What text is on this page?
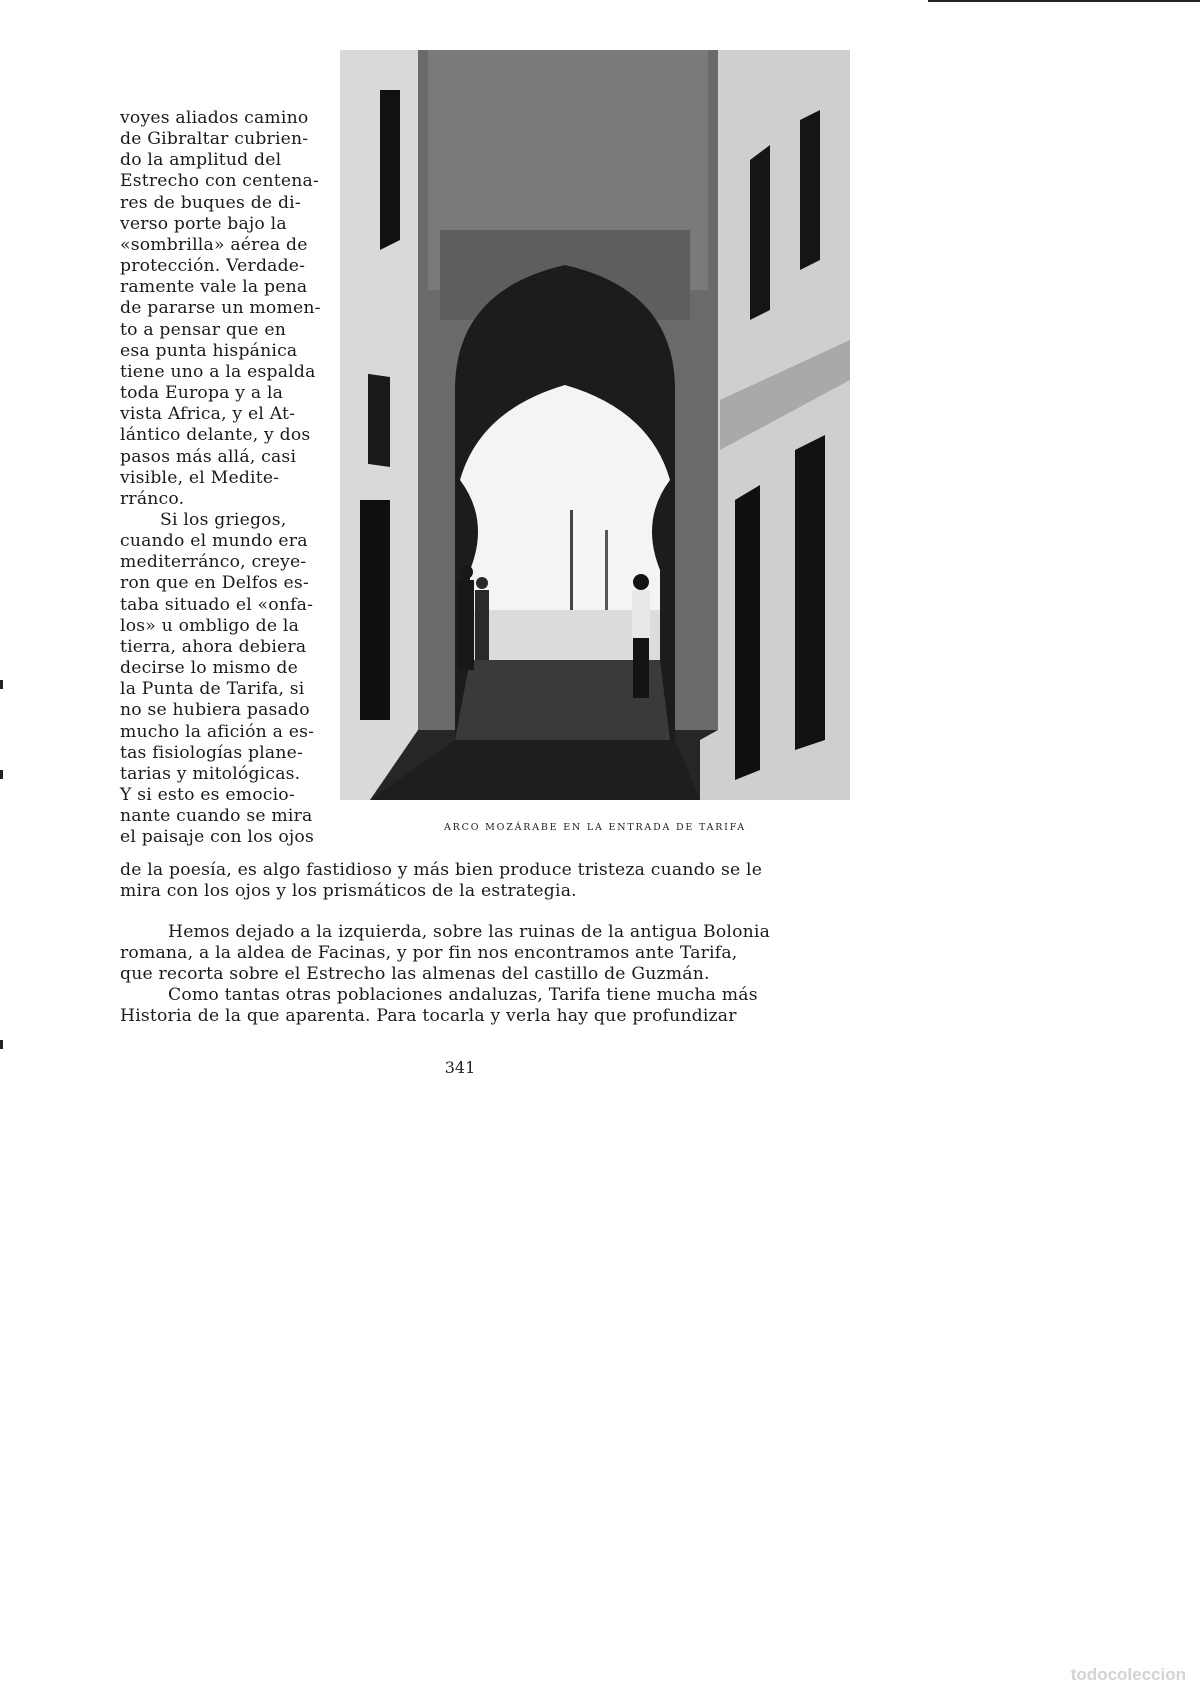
voyes aliados camino
de Gibraltar cubrien-
do la amplitud del
Estrecho con centena-
res de buques de di-
verso porte bajo la
«sombrilla» aérea de
protección. Verdade-
ramente vale la pena
de pararse un momen-
to a pensar que en
esa punta hispánica
tiene uno a la espalda
toda Europa y a la
vista Africa, y el At-
lántico delante, y dos
pasos más allá, casi
visible, el Medite-
rránco.
Si los griegos,
cuando el mundo era
mediterránco, creye-
ron que en Delfos es-
taba situado el «onfa-
los» u ombligo de la
tierra, ahora debiera
decirse lo mismo de
la Punta de Tarifa, si
no se hubiera pasado
mucho la afición a es-
tas fisiologías plane-
tarias y mitológicas.
Y si esto es emocio-
nante cuando se mira
el paisaje con los ojos	ARCO MOZÁRABE EN LA ENTRADA DE TARIFA
de la poesía, es algo fastidioso y más bien produce tristeza cuando se le
mira con los ojos y los prismáticos de la estrategia.
Hemos dejado a la izquierda, sobre las ruinas de la antigua Bolonia
romana, a la aldea de Facinas, y por fin nos encontramos ante Tarifa,
que recorta sobre el Estrecho las almenas del castillo de Guzmán.
Como tantas otras poblaciones andaluzas, Tarifa tiene mucha más
Historia de la que aparenta. Para tocarla y verla hay que profundizar
341
todocoleccion
